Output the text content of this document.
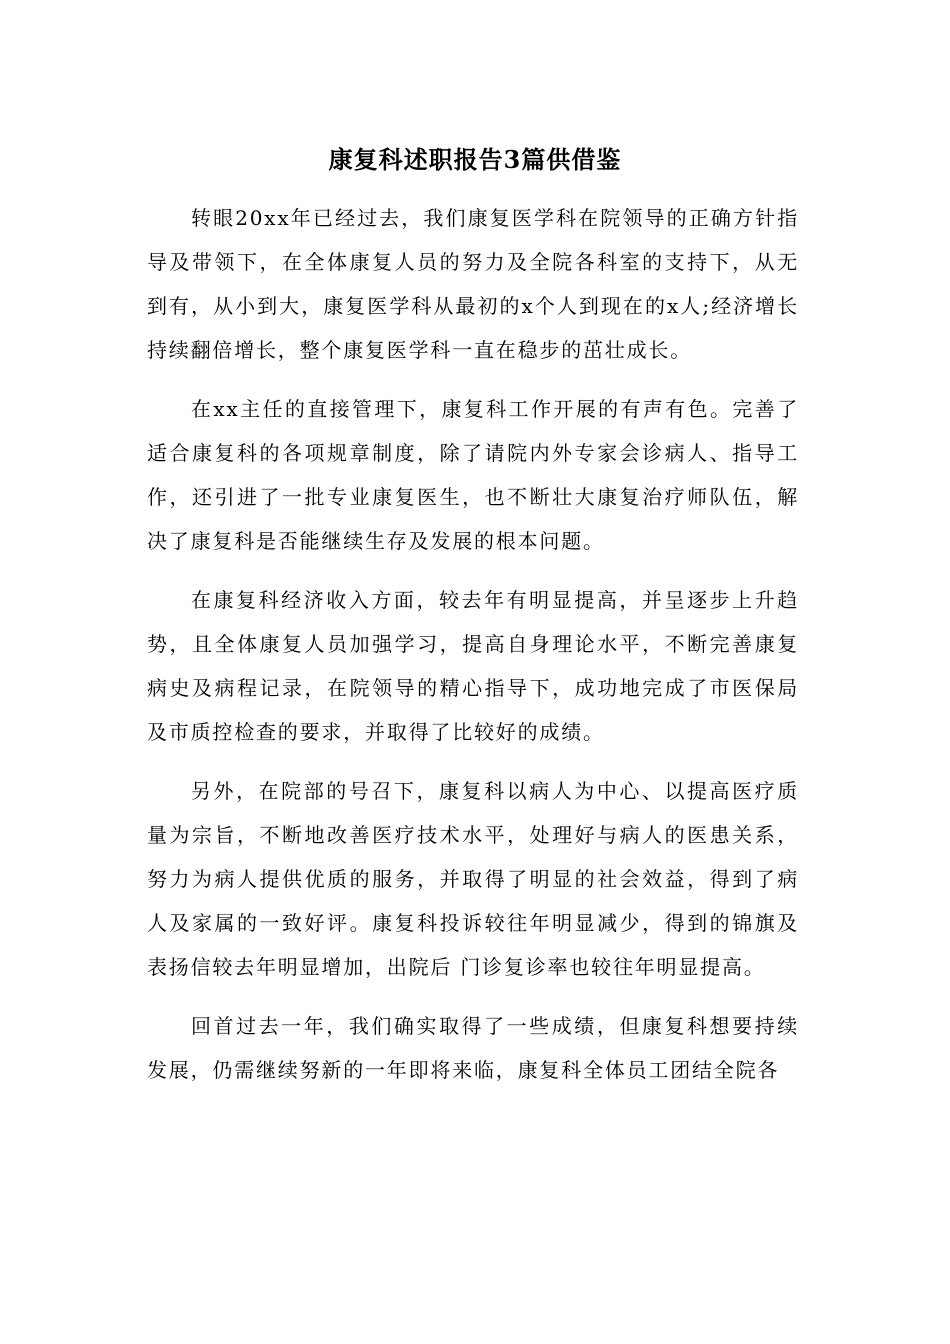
康复科述职报告3篇供借鉴

转眼20xx年已经过去，我们康复医学科在院领导的正确方针指导及带领下，在全体康复人员的努力及全院各科室的支持下，从无到有，从小到大，康复医学科从最初的x个人到现在的x人;经济增长持续翻倍增长，整个康复医学科一直在稳步的茁壮成长。

在xx主任的直接管理下，康复科工作开展的有声有色。完善了适合康复科的各项规章制度，除了请院内外专家会诊病人、指导工作，还引进了一批专业康复医生，也不断壮大康复治疗师队伍，解决了康复科是否能继续生存及发展的根本问题。

在康复科经济收入方面，较去年有明显提高，并呈逐步上升趋势，且全体康复人员加强学习，提高自身理论水平，不断完善康复病史及病程记录，在院领导的精心指导下，成功地完成了市医保局及市质控检查的要求，并取得了比较好的成绩。

另外，在院部的号召下，康复科以病人为中心、以提高医疗质量为宗旨，不断地改善医疗技术水平，处理好与病人的医患关系，努力为病人提供优质的服务，并取得了明显的社会效益，得到了病人及家属的一致好评。康复科投诉较往年明显减少，得到的锦旗及表扬信较去年明显增加，出院后 门诊复诊率也较往年明显提高。

回首过去一年，我们确实取得了一些成绩，但康复科想要持续发展，仍需继续努新的一年即将来临，康复科全体员工团结全院各
